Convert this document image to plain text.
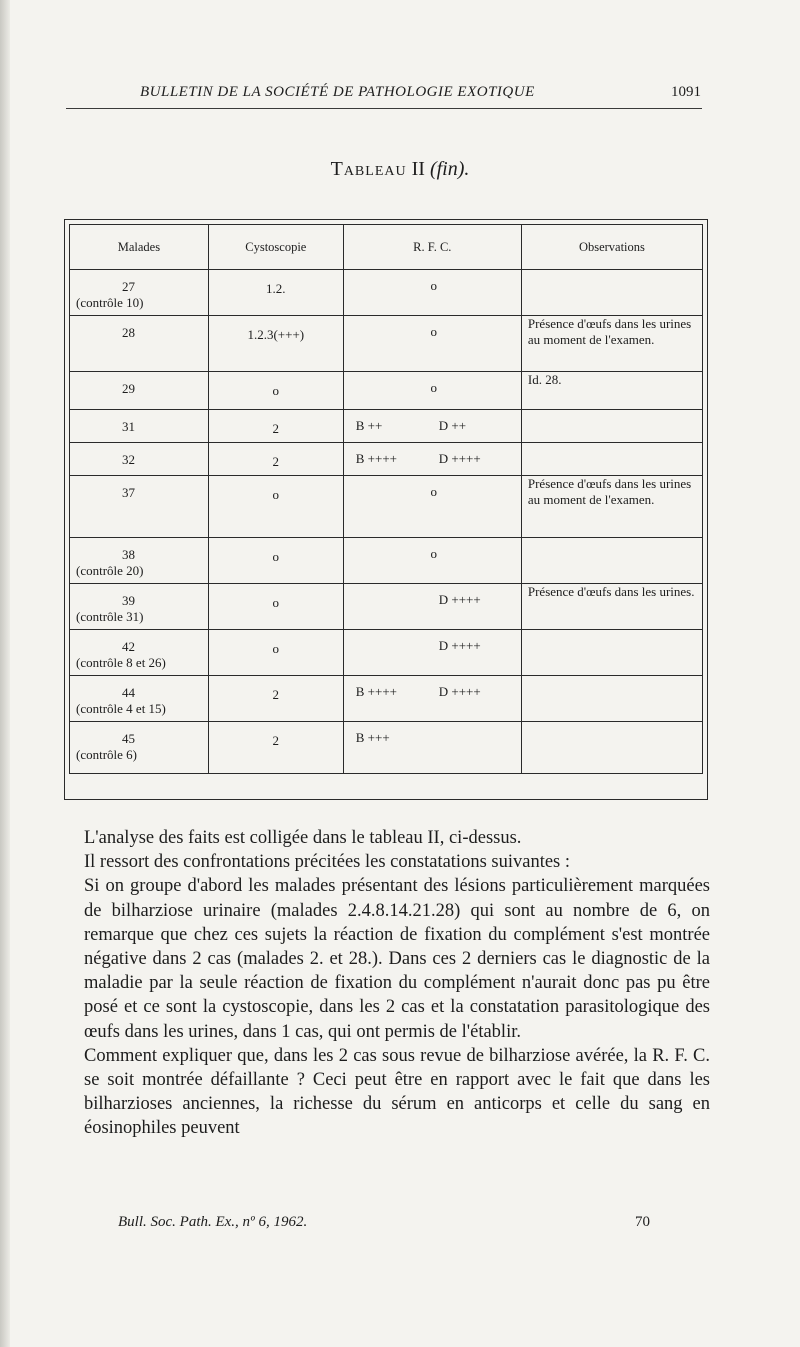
BULLETIN DE LA SOCIÉTÉ DE PATHOLOGIE EXOTIQUE	1091
Tableau II (fin).
Malades	Cystoscopie	R. F. C.	Observations

27
(contrôle 10)	1.2.	o	

28	1.2.3(+++)	o	Présence d'œufs dans les urines au moment de l'examen.

29	o	o	Id. 28.

31	2	B ++ D ++	

32	2	B ++++ D ++++	

37	o	o	Présence d'œufs dans les urines au moment de l'examen.

38
(contrôle 20)	o	o	

39
(contrôle 31)	o	D ++++	Présence d'œufs dans les urines.

42
(contrôle 8 et 26)	o	D ++++	

44
(contrôle 4 et 15)	2	B ++++ D ++++	

45
(contrôle 6)	2	B +++	

L'analyse des faits est colligée dans le tableau II, ci-dessus.

Il ressort des confrontations précitées les constatations suivantes :

Si on groupe d'abord les malades présentant des lésions particulièrement marquées de bilharziose urinaire (malades 2.4.8.14.21.28) qui sont au nombre de 6, on remarque que chez ces sujets la réaction de fixation du complément s'est montrée négative dans 2 cas (malades 2. et 28.). Dans ces 2 derniers cas le diagnostic de la maladie par la seule réaction de fixation du complément n'aurait donc pas pu être posé et ce sont la cystoscopie, dans les 2 cas et la constatation parasitologique des œufs dans les urines, dans 1 cas, qui ont permis de l'établir.

Comment expliquer que, dans les 2 cas sous revue de bilharziose avérée, la R. F. C. se soit montrée défaillante ? Ceci peut être en rapport avec le fait que dans les bilharzioses anciennes, la richesse du sérum en anticorps et celle du sang en éosinophiles peuvent

Bull. Soc. Path. Ex., nº 6, 1962.	70
